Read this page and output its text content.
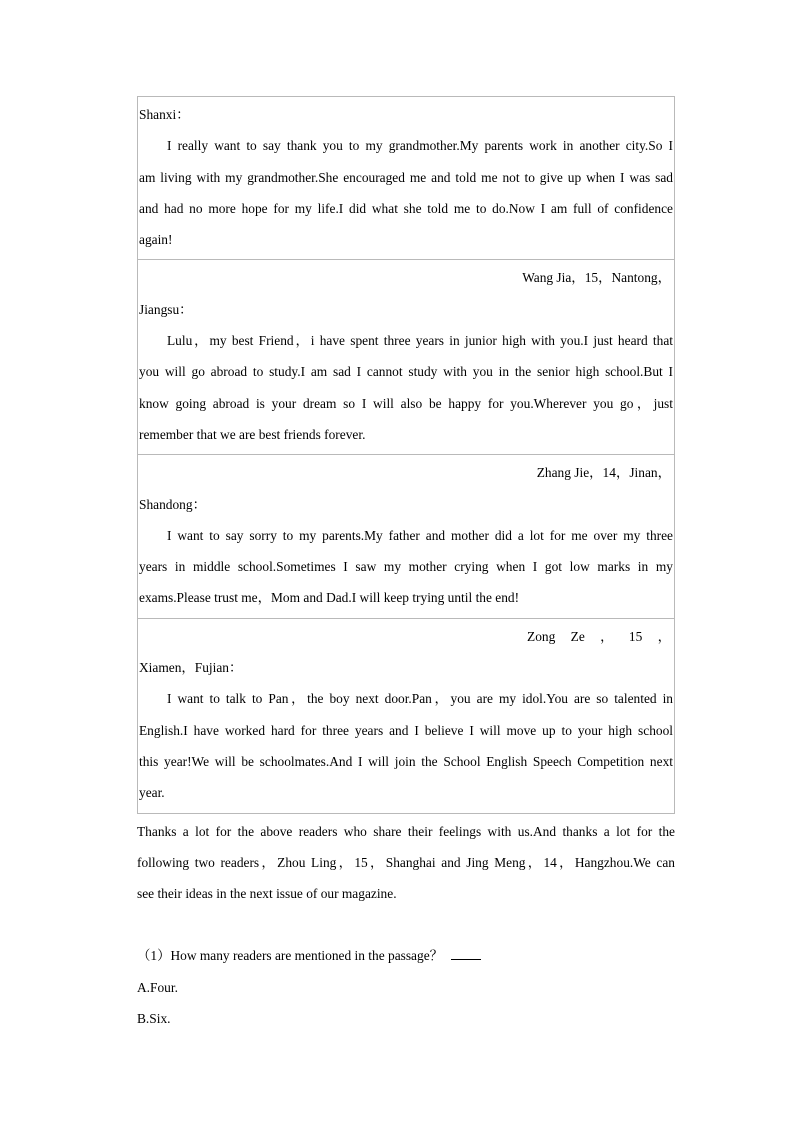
Shanxi：
I really want to say thank you to my grandmother.My parents work in another city.So I
am living with my grandmother.She encouraged me and told me not to give up when I was sad
and had no more hope for my life.I did what she told me to do.Now I am full of confidence
again!

Wang Jia，15，Nantong，
Jiangsu：
Lulu，my best Friend，i have spent three years in junior high with you.I just heard that
you will go abroad to study.I am sad I cannot study with you in the senior high school.But I
know going abroad is your dream so I will also be happy for you.Wherever you go，just
remember that we are best friends forever.

Zhang Jie，14，Jinan，
Shandong：
I want to say sorry to my parents.My father and mother did a lot for me over my three
years in middle school.Sometimes I saw my mother crying when I got low marks in my
exams.Please trust me，Mom and Dad.I will keep trying until the end!

Zong Ze ， 15 ，
Xiamen，Fujian：
I want to talk to Pan，the boy next door.Pan，you are my idol.You are so talented in
English.I have worked hard for three years and I believe I will move up to your high school
this year!We will be schoolmates.And I will join the School English Speech Competition next
year.
Thanks a lot for the above readers who share their feelings with us.And thanks a lot for the
following two readers，Zhou Ling，15，Shanghai and Jing Meng，14，Hangzhou.We can
see their ideas in the next issue of our magazine.
（1）How many readers are mentioned in the passage？
A.Four.
B.Six.
